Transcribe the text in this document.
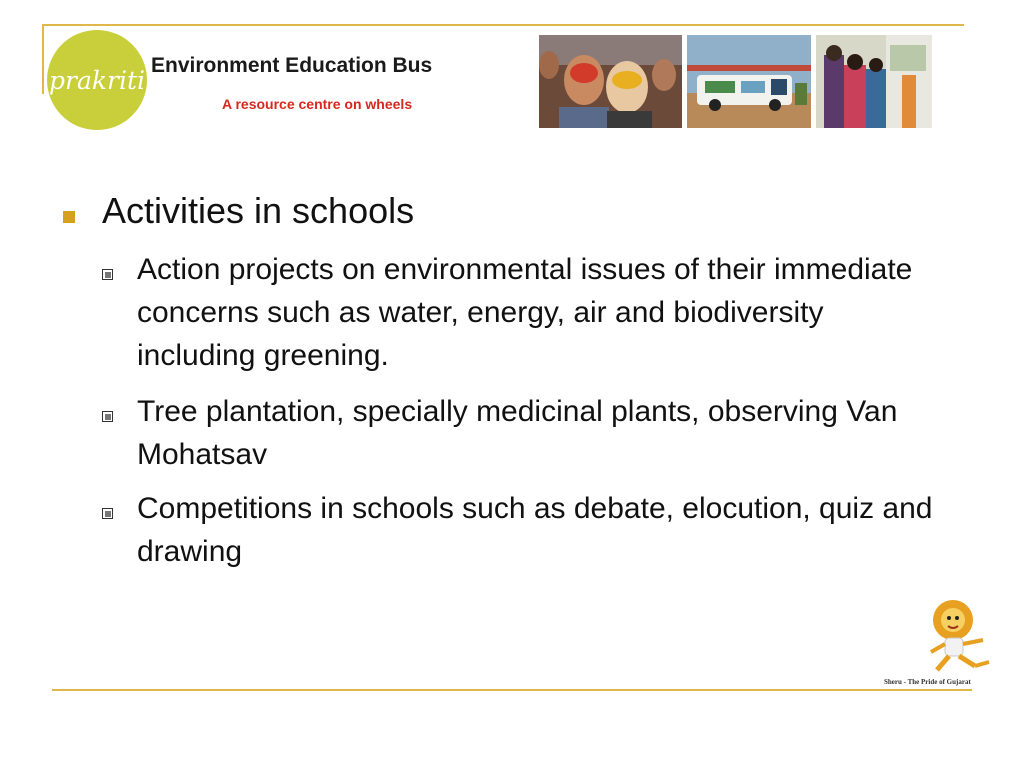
prakriti Environment Education Bus
A resource centre on wheels
Activities in schools
Action projects on environmental issues of their immediate concerns such as water, energy, air and biodiversity including greening.
Tree plantation, specially medicinal plants, observing Van Mohatsav
Competitions in schools such as debate, elocution, quiz and drawing
Sheru - The Pride of Gujarat
